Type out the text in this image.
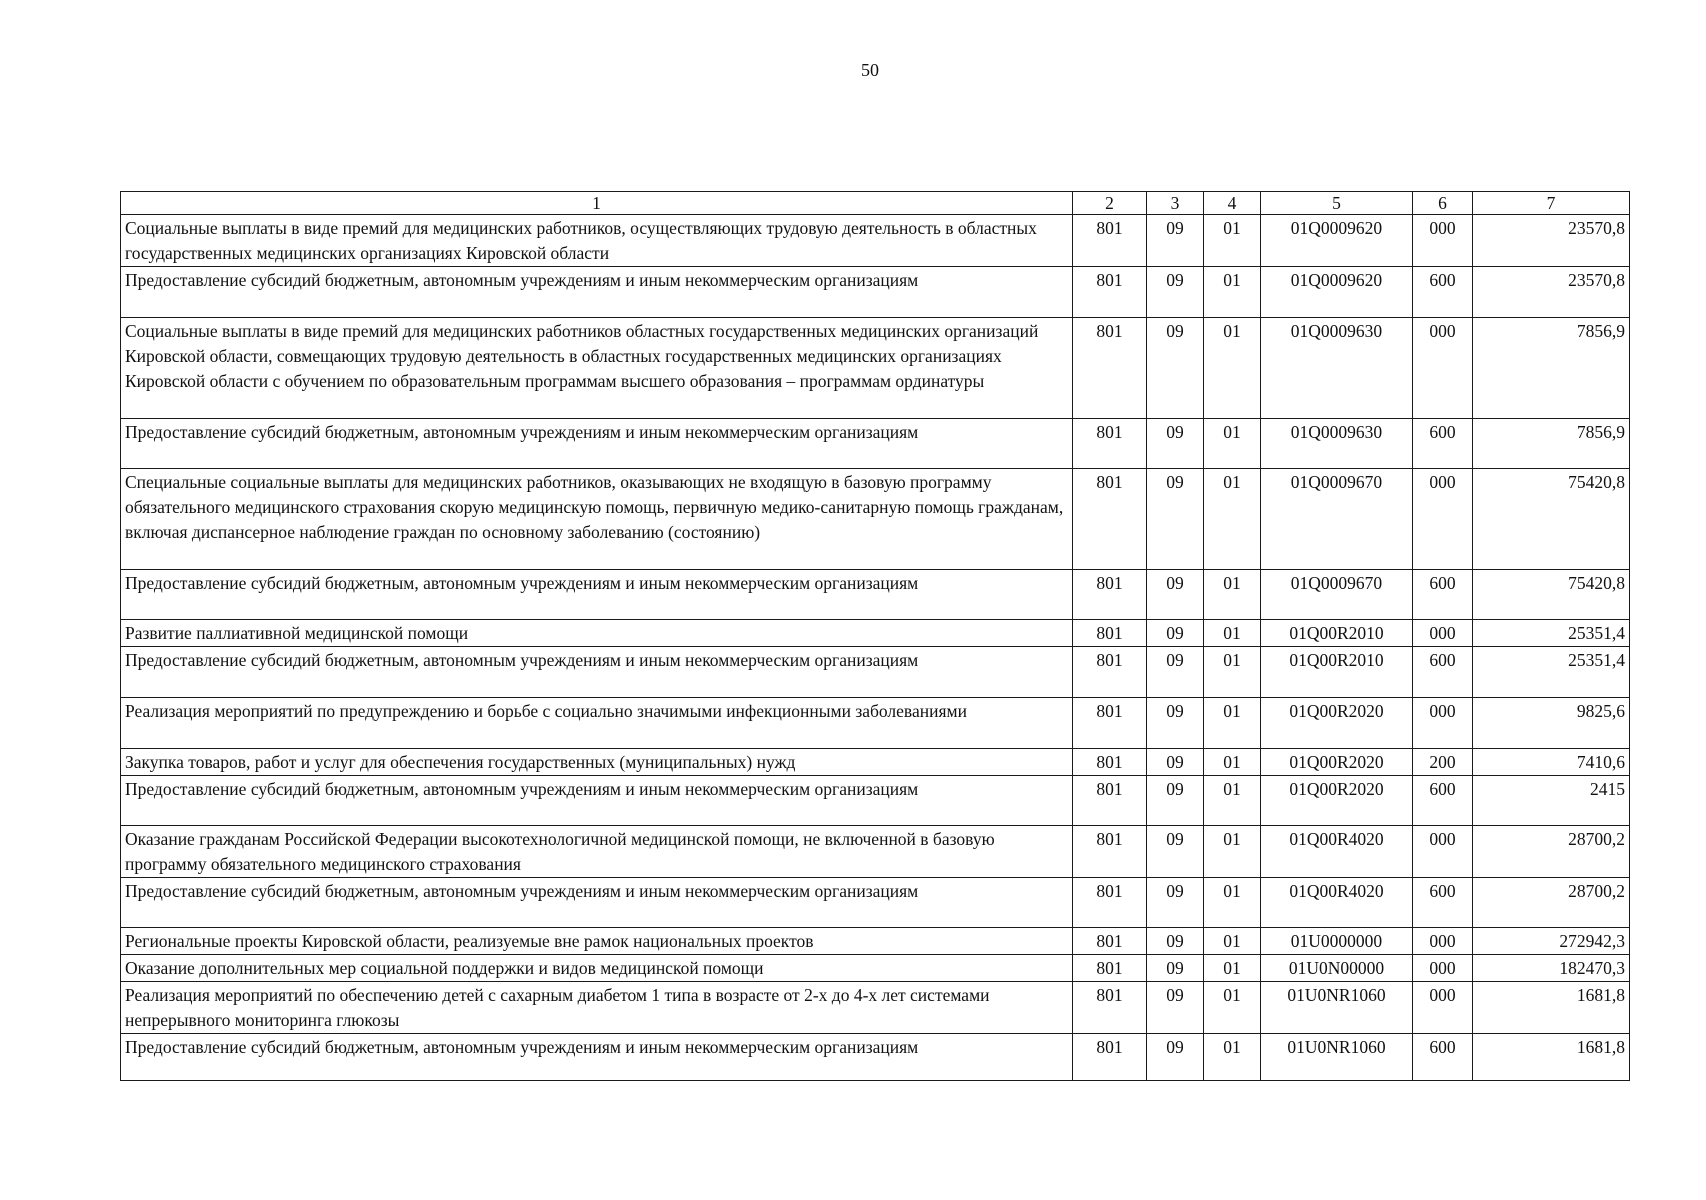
50
1	2	3	4	5	6	7
Социальные выплаты в виде премий для медицинских работников, осуществляющих трудовую деятельность в областных государственных медицинских организациях Кировской области	801	09	01	01Q0009620	000	23570,8
Предоставление субсидий бюджетным, автономным учреждениям и иным некоммерческим организациям	801	09	01	01Q0009620	600	23570,8
Социальные выплаты в виде премий для медицинских работников областных государственных медицинских организаций Кировской области, совмещающих трудовую деятельность в областных государственных медицинских организациях Кировской области с обучением по образовательным программам высшего образования – программам ординатуры	801	09	01	01Q0009630	000	7856,9
Предоставление субсидий бюджетным, автономным учреждениям и иным некоммерческим организациям	801	09	01	01Q0009630	600	7856,9
Специальные социальные выплаты для медицинских работников, оказывающих не входящую в базовую программу обязательного медицинского страхования скорую медицинскую помощь, первичную медико-санитарную помощь гражданам, включая диспансерное наблюдение граждан по основному заболеванию (состоянию)	801	09	01	01Q0009670	000	75420,8
Предоставление субсидий бюджетным, автономным учреждениям и иным некоммерческим организациям	801	09	01	01Q0009670	600	75420,8
Развитие паллиативной медицинской помощи	801	09	01	01Q00R2010	000	25351,4
Предоставление субсидий бюджетным, автономным учреждениям и иным некоммерческим организациям	801	09	01	01Q00R2010	600	25351,4
Реализация мероприятий по предупреждению и борьбе с социально значимыми инфекционными заболеваниями	801	09	01	01Q00R2020	000	9825,6
Закупка товаров, работ и услуг для обеспечения государственных (муниципальных) нужд	801	09	01	01Q00R2020	200	7410,6
Предоставление субсидий бюджетным, автономным учреждениям и иным некоммерческим организациям	801	09	01	01Q00R2020	600	2415
Оказание гражданам Российской Федерации высокотехнологичной медицинской помощи, не включенной в базовую программу обязательного медицинского страхования	801	09	01	01Q00R4020	000	28700,2
Предоставление субсидий бюджетным, автономным учреждениям и иным некоммерческим организациям	801	09	01	01Q00R4020	600	28700,2
Региональные проекты Кировской области, реализуемые вне рамок национальных проектов	801	09	01	01U0000000	000	272942,3
Оказание дополнительных мер социальной поддержки и видов медицинской помощи	801	09	01	01U0N00000	000	182470,3
Реализация мероприятий по обеспечению детей с сахарным диабетом 1 типа в возрасте от 2-х до 4-х лет системами непрерывного мониторинга глюкозы	801	09	01	01U0NR1060	000	1681,8
Предоставление субсидий бюджетным, автономным учреждениям и иным некоммерческим организациям	801	09	01	01U0NR1060	600	1681,8
